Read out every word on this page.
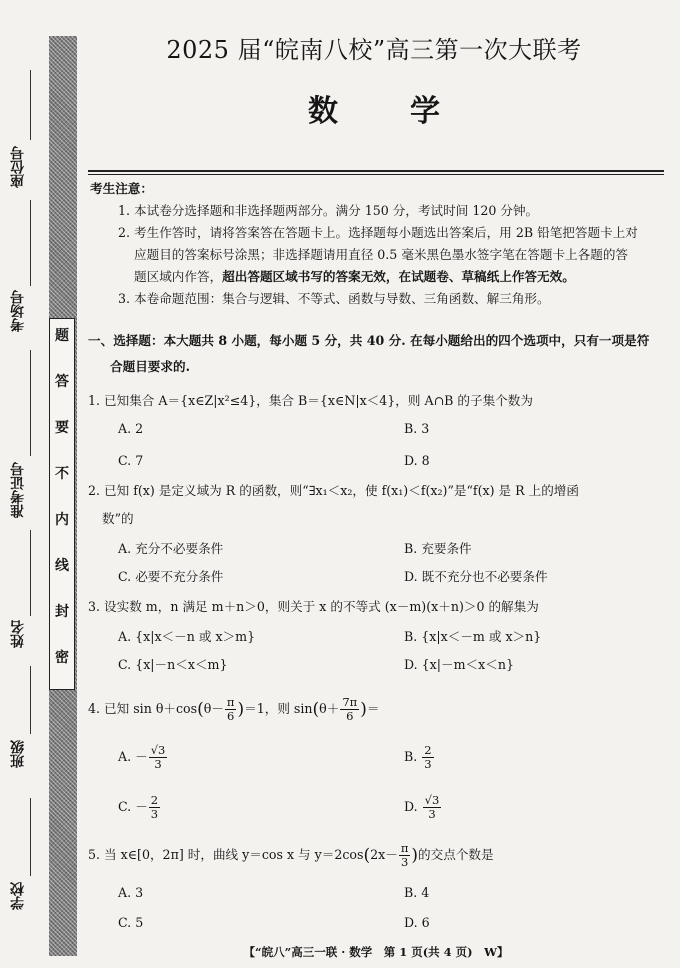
题
答
要
不
内
线
封
密
座位号
考场号
准考证号
姓名
班级
学校
2025 届“皖南八校”高三第一次大联考
数学
考生注意：
1. 本试卷分选择题和非选择题两部分。满分 150 分，考试时间 120 分钟。
2. 考生作答时，请将答案答在答题卡上。选择题每小题选出答案后，用 2B 铅笔把答题卡上对
应题目的答案标号涂黑；非选择题请用直径 0.5 毫米黑色墨水签字笔在答题卡上各题的答
题区域内作答，超出答题区域书写的答案无效，在试题卷、草稿纸上作答无效。
3. 本卷命题范围：集合与逻辑、不等式、函数与导数、三角函数、解三角形。
一、选择题：本大题共 8 小题，每小题 5 分，共 40 分. 在每小题给出的四个选项中，只有一项是符
合题目要求的.
1. 已知集合 A＝{x∈Z|x²≤4}，集合 B＝{x∈N|x＜4}，则 A∩B 的子集个数为
A. 2	B. 3
C. 7	D. 8
2. 已知 f(x) 是定义域为 R 的函数，则“∃x₁＜x₂，使 f(x₁)＜f(x₂)”是“f(x) 是 R 上的增函
数”的
A. 充分不必要条件	B. 充要条件
C. 必要不充分条件	D. 既不充分也不必要条件
3. 设实数 m，n 满足 m＋n＞0，则关于 x 的不等式 (x－m)(x＋n)＞0 的解集为
A. {x|x＜－n 或 x＞m}	B. {x|x＜－m 或 x＞n}
C. {x|－n＜x＜m}	D. {x|－m＜x＜n}
4. 已知 $\sin \theta+\cos(\theta- \frac{\pi}{6} )=1$，则 $\sin(\theta+ \frac{7\pi}{6}$ )＝
A. － $\frac{√3}{3}$	B. $\frac{2}{3}$
C. － $\frac{2}{3}$	D. $\frac{√3}{3}$
5. 当 x∈[0，2π] 时，曲线 y＝cos x 与 $y=2\cos(2x- \frac{\pi}{3}$ )的交点个数是
A. 3	B. 4
C. 5	D. 6
【“皖八”高三一联 · 数学　第 1 页(共 4 页)　W】
